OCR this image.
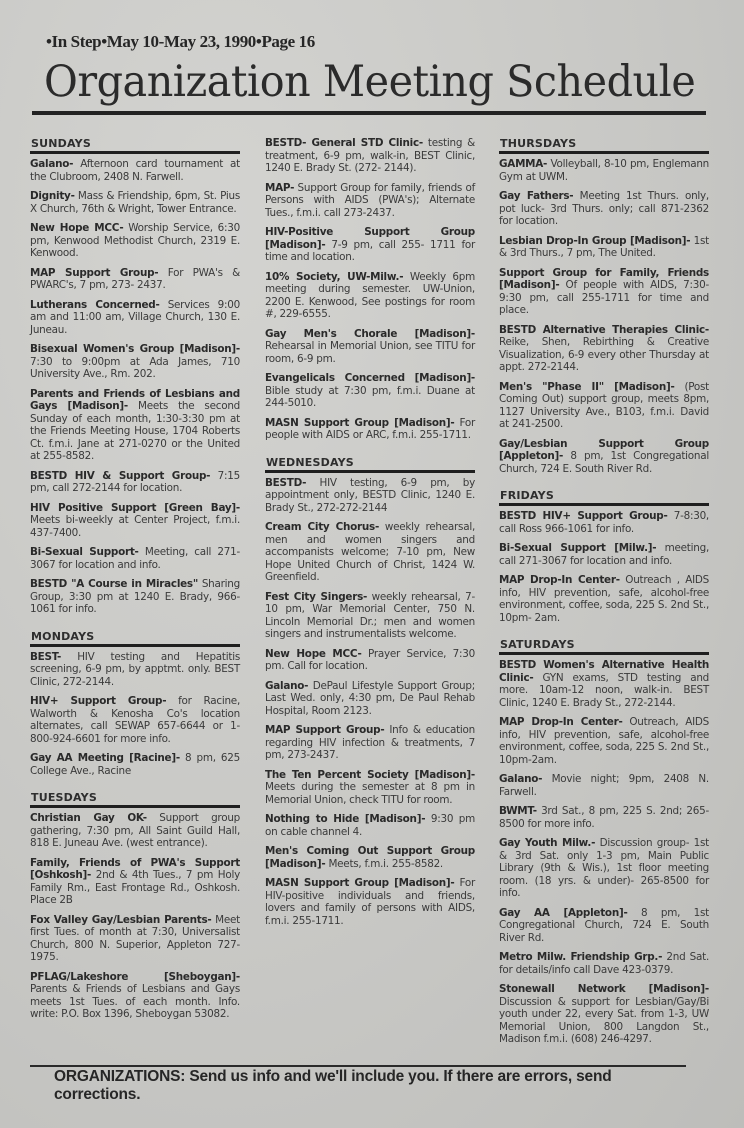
•In Step•May 10-May 23, 1990•Page 16
Organization Meeting Schedule
SUNDAYS
Galano- Afternoon card tournament at the Clubroom, 2408 N. Farwell.
Dignity- Mass & Friendship, 6pm, St. Pius X Church, 76th & Wright, Tower Entrance.
New Hope MCC- Worship Service, 6:30 pm, Kenwood Methodist Church, 2319 E. Kenwood.
MAP Support Group- For PWA's & PWARC's, 7 pm, 273- 2437.
Lutherans Concerned- Services 9:00 am and 11:00 am, Village Church, 130 E. Juneau.
Bisexual Women's Group [Madison]- 7:30 to 9:00pm at Ada James, 710 University Ave., Rm. 202.
Parents and Friends of Lesbians and Gays [Madison]- Meets the second Sunday of each month, 1:30-3:30 pm at the Friends Meeting House, 1704 Roberts Ct. f.m.i. Jane at 271-0270 or the United at 255-8582.
BESTD HIV & Support Group- 7:15 pm, call 272-2144 for location.
HIV Positive Support [Green Bay]- Meets bi-weekly at Center Project, f.m.i. 437-7400.
Bi-Sexual Support- Meeting, call 271-3067 for location and info.
BESTD "A Course in Miracles" Sharing Group, 3:30 pm at 1240 E. Brady, 966-1061 for info.
MONDAYS
BEST- HIV testing and Hepatitis screening, 6-9 pm, by apptmt. only. BEST Clinic, 272-2144.
HIV+ Support Group- for Racine, Walworth & Kenosha Co's location alternates, call SEWAP 657-6644 or 1-800-924-6601 for more info.
Gay AA Meeting [Racine]- 8 pm, 625 College Ave., Racine
TUESDAYS
Christian Gay OK- Support group gathering, 7:30 pm, All Saint Guild Hall, 818 E. Juneau Ave. (west entrance).
Family, Friends of PWA's Support [Oshkosh]- 2nd & 4th Tues., 7 pm Holy Family Rm., East Frontage Rd., Oshkosh. Place 2B
Fox Valley Gay/Lesbian Parents- Meet first Tues. of month at 7:30, Universalist Church, 800 N. Superior, Appleton 727-1975.
PFLAG/Lakeshore [Sheboygan]- Parents & Friends of Lesbians and Gays meets 1st Tues. of each month. Info. write: P.O. Box 1396, Sheboygan 53082.
BESTD- General STD Clinic- testing & treatment, 6-9 pm, walk-in, BEST Clinic, 1240 E. Brady St. (272- 2144).
MAP- Support Group for family, friends of Persons with AIDS (PWA's); Alternate Tues., f.m.i. call 273-2437.
HIV-Positive Support Group [Madison]- 7-9 pm, call 255- 1711 for time and location.
10% Society, UW-Milw.- Weekly 6pm meeting during semester. UW-Union, 2200 E. Kenwood, See postings for room #, 229-6555.
Gay Men's Chorale [Madison]- Rehearsal in Memorial Union, see TITU for room, 6-9 pm.
Evangelicals Concerned [Madison]- Bible study at 7:30 pm, f.m.i. Duane at 244-5010.
MASN Support Group [Madison]- For people with AIDS or ARC, f.m.i. 255-1711.
WEDNESDAYS
BESTD- HIV testing, 6-9 pm, by appointment only, BESTD Clinic, 1240 E. Brady St., 272-272-2144
Cream City Chorus- weekly rehearsal, men and women singers and accompanists welcome; 7-10 pm, New Hope United Church of Christ, 1424 W. Greenfield.
Fest City Singers- weekly rehearsal, 7-10 pm, War Memorial Center, 750 N. Lincoln Memorial Dr.; men and women singers and instrumentalists welcome.
New Hope MCC- Prayer Service, 7:30 pm. Call for location.
Galano- DePaul Lifestyle Support Group; Last Wed. only, 4:30 pm, De Paul Rehab Hospital, Room 2123.
MAP Support Group- Info & education regarding HIV infection & treatments, 7 pm, 273-2437.
The Ten Percent Society [Madison]- Meets during the semester at 8 pm in Memorial Union, check TITU for room.
Nothing to Hide [Madison]- 9:30 pm on cable channel 4.
Men's Coming Out Support Group [Madison]- Meets, f.m.i. 255-8582.
MASN Support Group [Madison]- For HIV-positive individuals and friends, lovers and family of persons with AIDS, f.m.i. 255-1711.
THURSDAYS
GAMMA- Volleyball, 8-10 pm, Englemann Gym at UWM.
Gay Fathers- Meeting 1st Thurs. only, pot luck- 3rd Thurs. only; call 871-2362 for location.
Lesbian Drop-In Group [Madison]- 1st & 3rd Thurs., 7 pm, The United.
Support Group for Family, Friends [Madison]- Of people with AIDS, 7:30-9:30 pm, call 255-1711 for time and place.
BESTD Alternative Therapies Clinic- Reike, Shen, Rebirthing & Creative Visualization, 6-9 every other Thursday at appt. 272-2144.
Men's "Phase II" [Madison]- (Post Coming Out) support group, meets 8pm, 1127 University Ave., B103, f.m.i. David at 241-2500.
Gay/Lesbian Support Group [Appleton]- 8 pm, 1st Congregational Church, 724 E. South River Rd.
FRIDAYS
BESTD HIV+ Support Group- 7-8:30, call Ross 966-1061 for info.
Bi-Sexual Support [Milw.]- meeting, call 271-3067 for location and info.
MAP Drop-In Center- Outreach , AIDS info, HIV prevention, safe, alcohol-free environment, coffee, soda, 225 S. 2nd St., 10pm- 2am.
SATURDAYS
BESTD Women's Alternative Health Clinic- GYN exams, STD testing and more. 10am-12 noon, walk-in. BEST Clinic, 1240 E. Brady St., 272-2144.
MAP Drop-In Center- Outreach, AIDS info, HIV prevention, safe, alcohol-free environment, coffee, soda, 225 S. 2nd St., 10pm-2am.
Galano- Movie night; 9pm, 2408 N. Farwell.
BWMT- 3rd Sat., 8 pm, 225 S. 2nd; 265-8500 for more info.
Gay Youth Milw.- Discussion group- 1st & 3rd Sat. only 1-3 pm, Main Public Library (9th & Wis.), 1st floor meeting room. (18 yrs. & under)- 265-8500 for info.
Gay AA [Appleton]- 8 pm, 1st Congregational Church, 724 E. South River Rd.
Metro Milw. Friendship Grp.- 2nd Sat. for details/info call Dave 423-0379.
Stonewall Network [Madison]- Discussion & support for Lesbian/Gay/Bi youth under 22, every Sat. from 1-3, UW Memorial Union, 800 Langdon St., Madison f.m.i. (608) 246-4297.
ORGANIZATIONS: Send us info and we'll include you. If there are errors, send corrections.
